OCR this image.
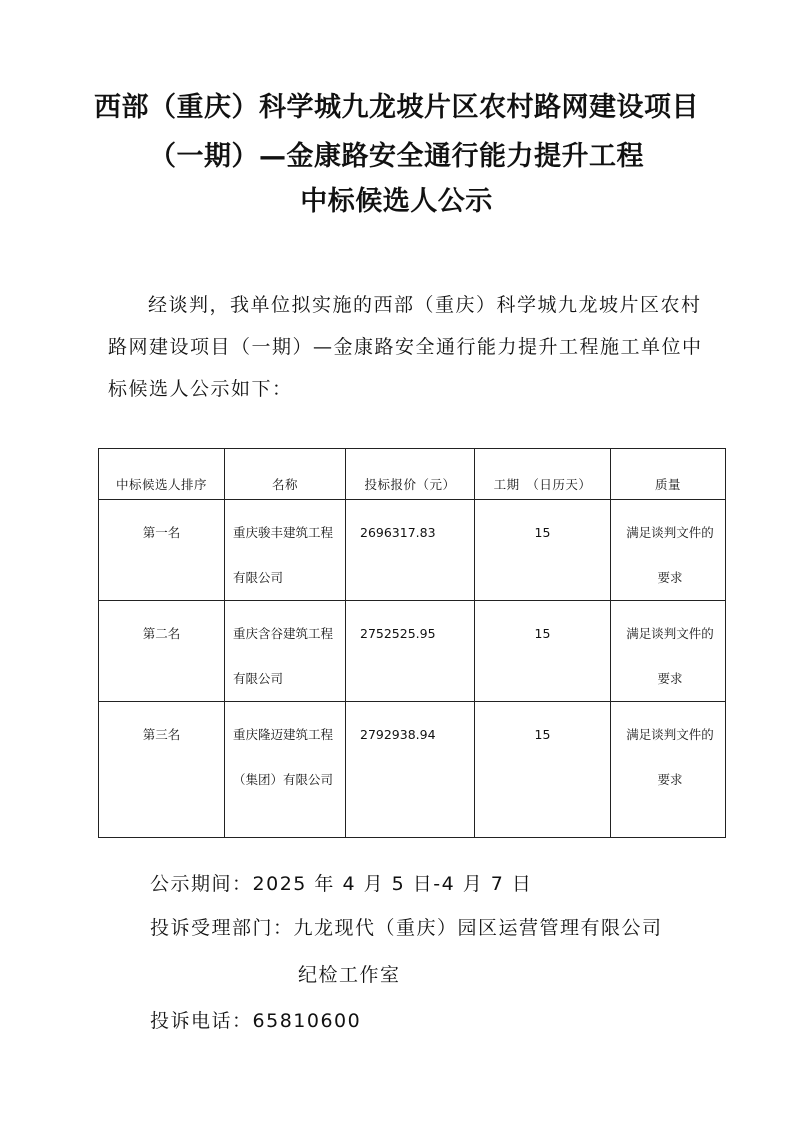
西部（重庆）科学城九龙坡片区农村路网建设项目
（一期）—金康路安全通行能力提升工程
中标候选人公示

经谈判，我单位拟实施的西部（重庆）科学城九龙坡片区农村路网建设项目（一期）—金康路安全通行能力提升工程施工单位中标候选人公示如下：

中标候选人排序	名称	投标报价（元）	工期　（日历天）	质量
第一名	重庆骏丰建筑工程有限公司	2696317.83	15	满足谈判文件的要求
第二名	重庆含谷建筑工程有限公司	2752525.95	15	满足谈判文件的要求
第三名	重庆隆迈建筑工程（集团）有限公司	2792938.94	15	满足谈判文件的要求

公示期间：2025 年 4 月 5 日-4 月 7 日

投诉受理部门：九龙现代（重庆）园区运营管理有限公司

纪检工作室

投诉电话：65810600
